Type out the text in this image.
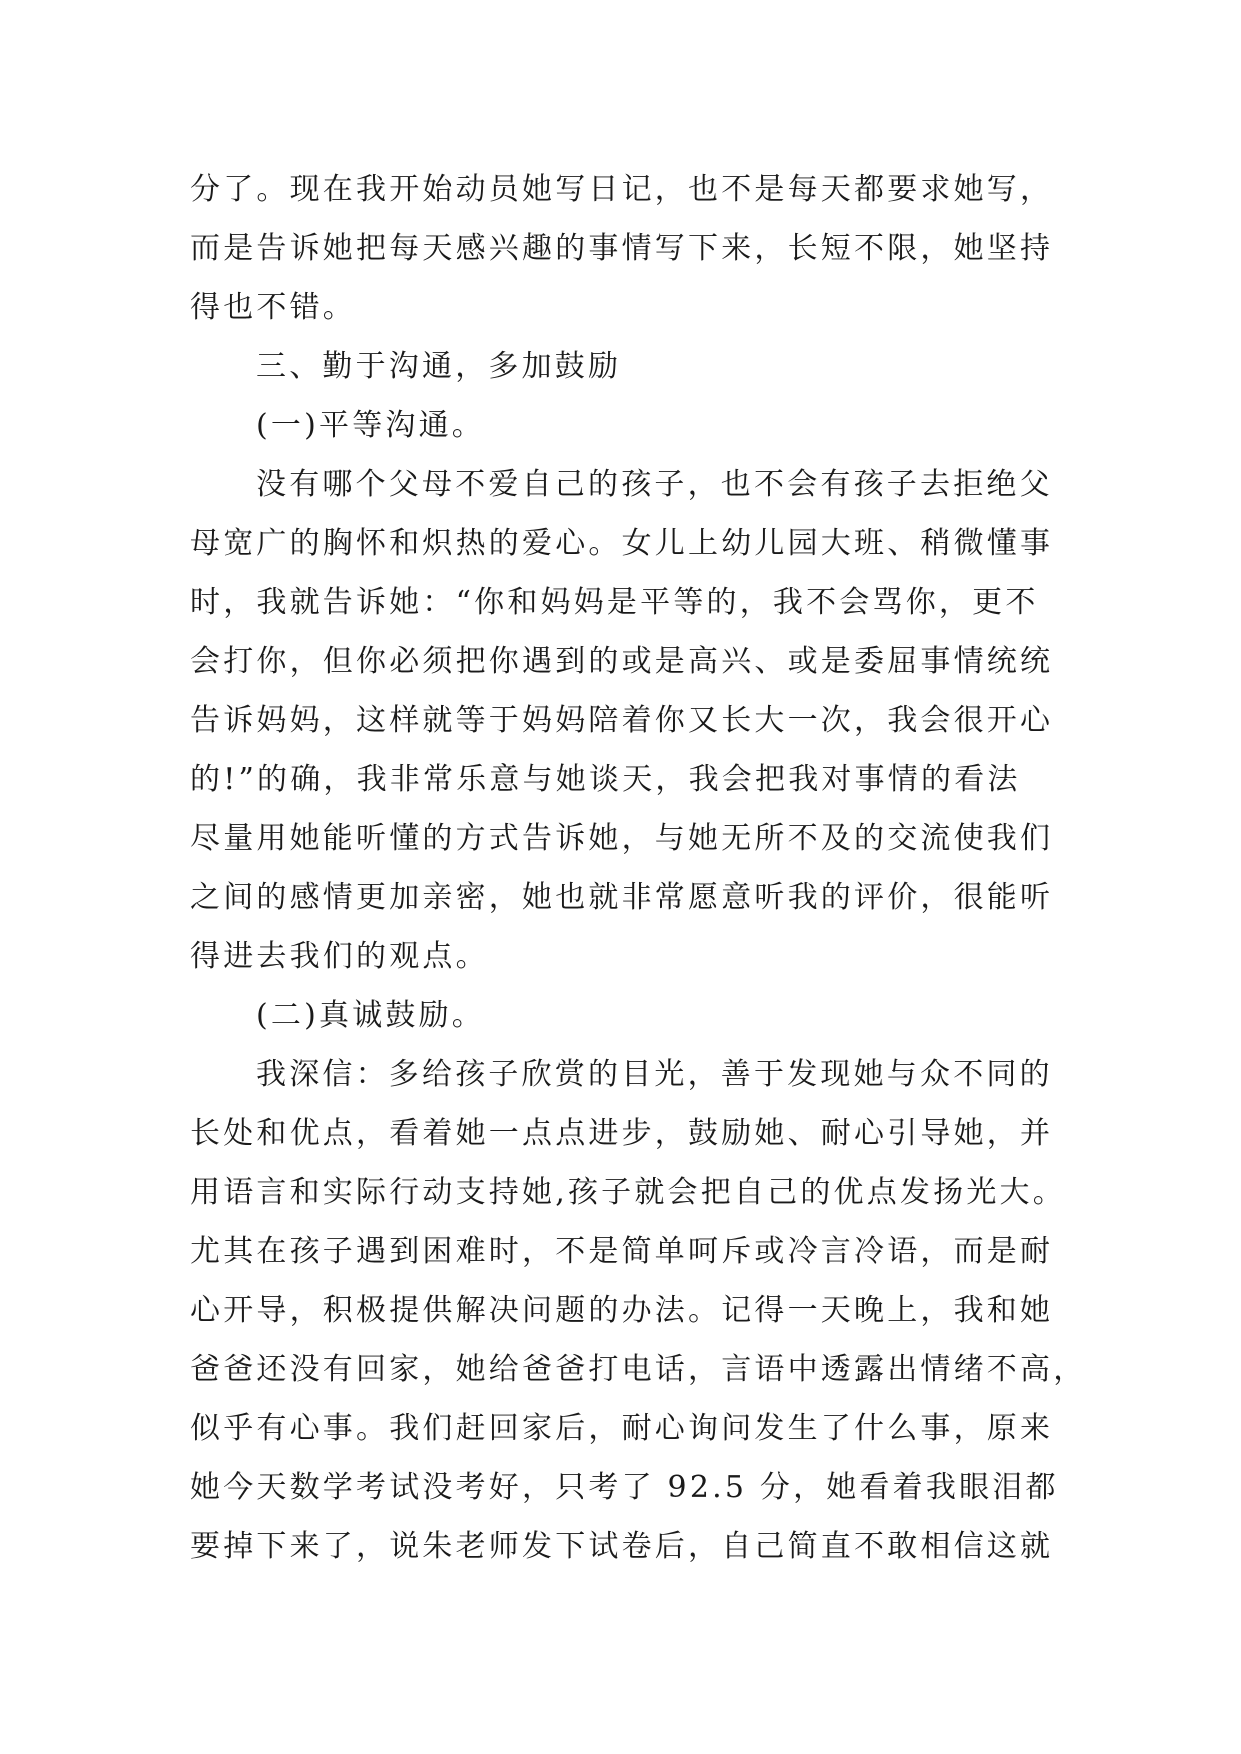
分了。现在我开始动员她写日记，也不是每天都要求她写，
而是告诉她把每天感兴趣的事情写下来，长短不限，她坚持
得也不错。
三、勤于沟通，多加鼓励
(一)平等沟通。
没有哪个父母不爱自己的孩子，也不会有孩子去拒绝父
母宽广的胸怀和炽热的爱心。女儿上幼儿园大班、稍微懂事
时，我就告诉她：“你和妈妈是平等的，我不会骂你，更不
会打你，但你必须把你遇到的或是高兴、或是委屈事情统统
告诉妈妈，这样就等于妈妈陪着你又长大一次，我会很开心
的!”的确，我非常乐意与她谈天，我会把我对事情的看法
尽量用她能听懂的方式告诉她，与她无所不及的交流使我们
之间的感情更加亲密，她也就非常愿意听我的评价，很能听
得进去我们的观点。
(二)真诚鼓励。
我深信：多给孩子欣赏的目光，善于发现她与众不同的
长处和优点，看着她一点点进步，鼓励她、耐心引导她，并
用语言和实际行动支持她,孩子就会把自己的优点发扬光大。
尤其在孩子遇到困难时，不是简单呵斥或冷言冷语，而是耐
心开导，积极提供解决问题的办法。记得一天晚上，我和她
爸爸还没有回家，她给爸爸打电话，言语中透露出情绪不高，
似乎有心事。我们赶回家后，耐心询问发生了什么事，原来
她今天数学考试没考好，只考了 92.5 分，她看着我眼泪都
要掉下来了，说朱老师发下试卷后，自己简直不敢相信这就
